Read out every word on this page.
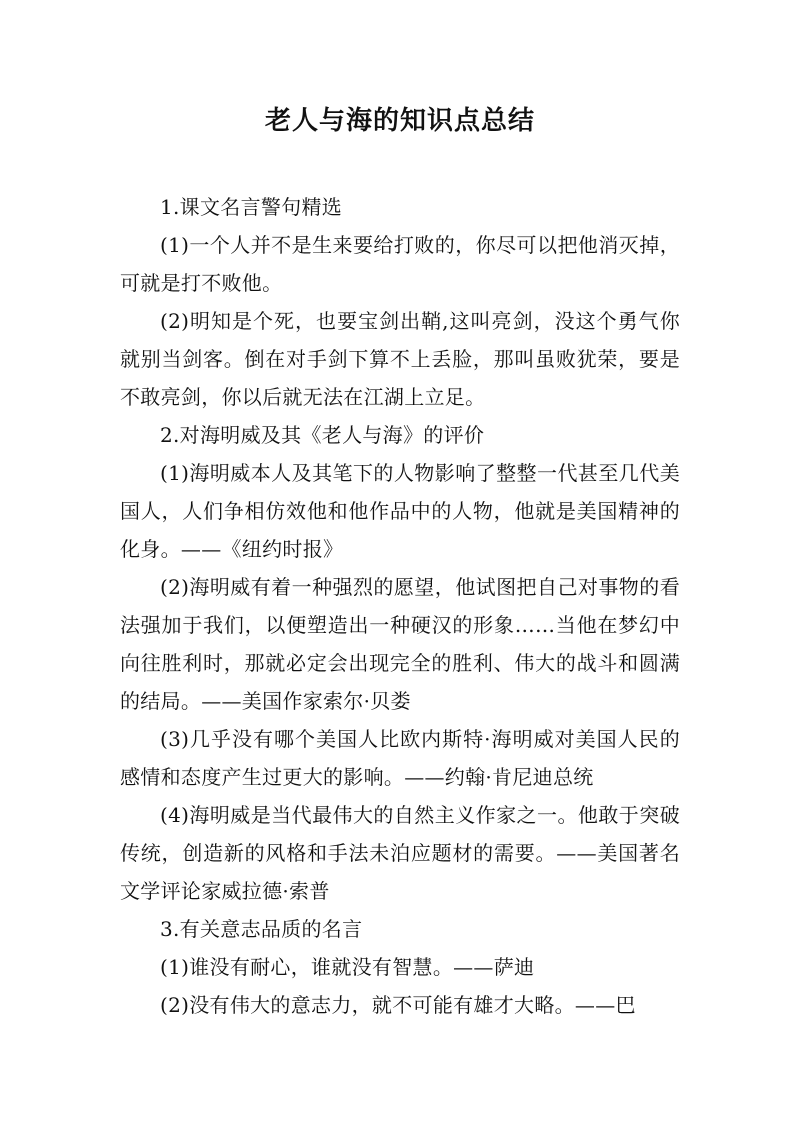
老人与海的知识点总结

1.课文名言警句精选

(1)一个人并不是生来要给打败的，你尽可以把他消灭掉，可就是打不败他。

(2)明知是个死，也要宝剑出鞘,这叫亮剑，没这个勇气你就别当剑客。倒在对手剑下算不上丢脸，那叫虽败犹荣，要是不敢亮剑，你以后就无法在江湖上立足。

2.对海明威及其《老人与海》的评价

(1)海明威本人及其笔下的人物影响了整整一代甚至几代美国人，人们争相仿效他和他作品中的人物，他就是美国精神的化身。——《纽约时报》

(2)海明威有着一种强烈的愿望，他试图把自己对事物的看法强加于我们，以便塑造出一种硬汉的形象……当他在梦幻中向往胜利时，那就必定会出现完全的胜利、伟大的战斗和圆满的结局。——美国作家索尔·贝娄

(3)几乎没有哪个美国人比欧内斯特·海明威对美国人民的感情和态度产生过更大的影响。——约翰·肯尼迪总统

(4)海明威是当代最伟大的自然主义作家之一。他敢于突破传统，创造新的风格和手法未泊应题材的需要。——美国著名文学评论家威拉德·索普

3.有关意志品质的名言

(1)谁没有耐心，谁就没有智慧。——萨迪

(2)没有伟大的意志力，就不可能有雄才大略。——巴
